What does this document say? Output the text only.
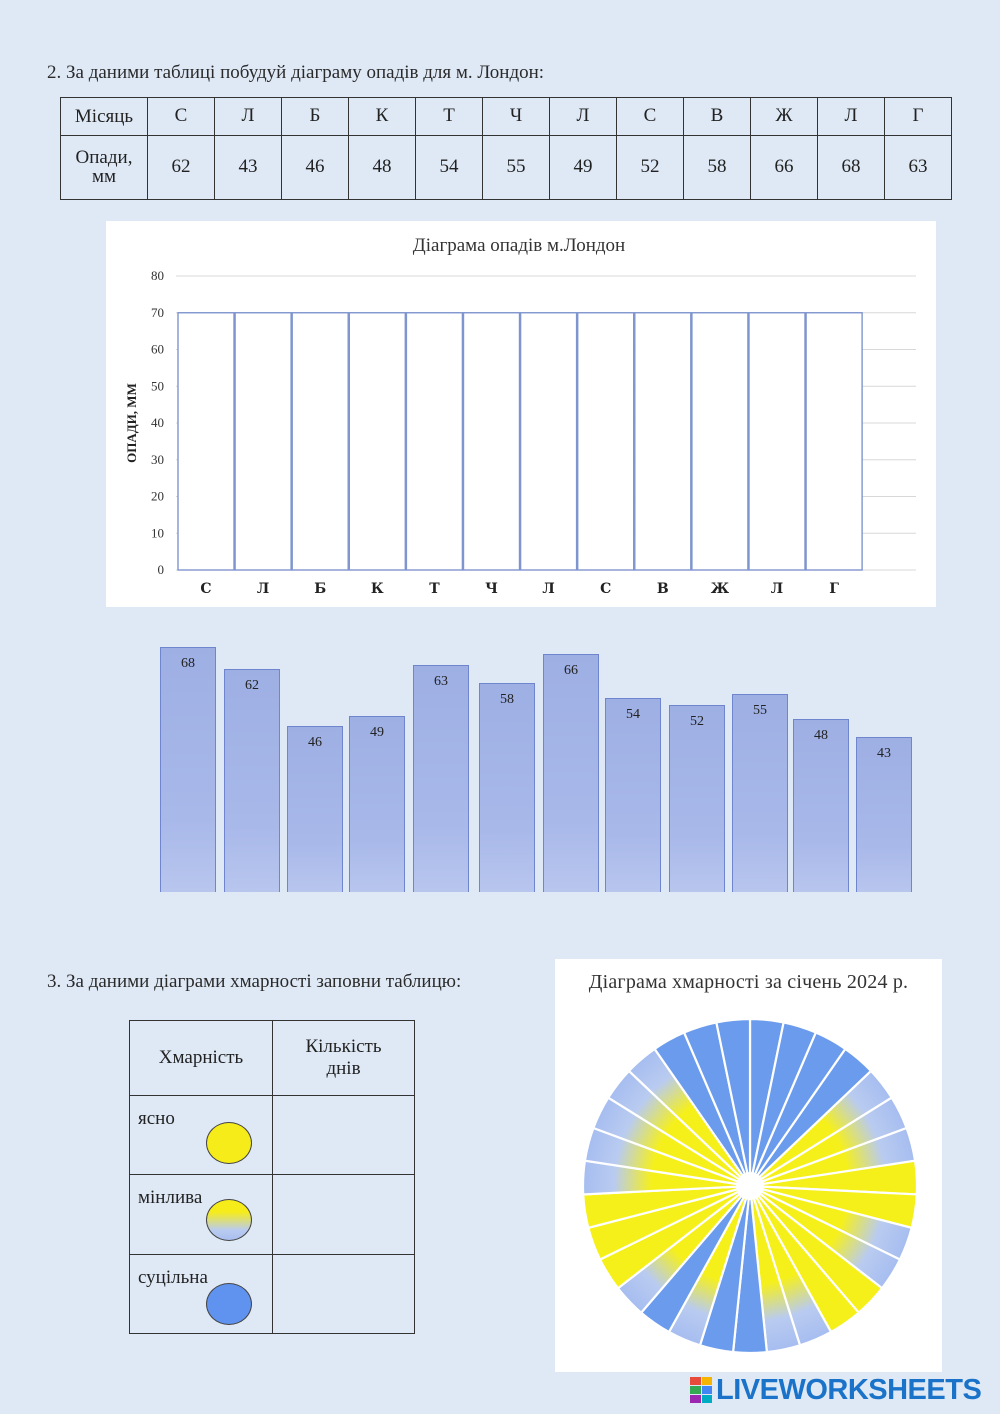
2. За даними таблиці побудуй діаграму опадів для м. Лондон:
Місяць	С	Л	Б	К	Т	Ч	Л	С	В	Ж	Л	Г
Опади,
мм	62	43	46	48	54	55	49	52	58	66	68	63
Діаграма опадів м.Лондон
0
10
20
30
40
50
60
70
80
ОПАДИ, ММ
С	Л	Б	К	Т	Ч	Л	С	В	Ж	Л	Г
68
62
46
49
63
58
66
54	52
55
48
43
3. За даними діаграми хмарності заповни таблицю:
Хмарність	Кількість
днів

ясно	

мінлива	

суцільна	

Діаграма хмарності за січень 2024 р.
LIVEWORKSHEETS
